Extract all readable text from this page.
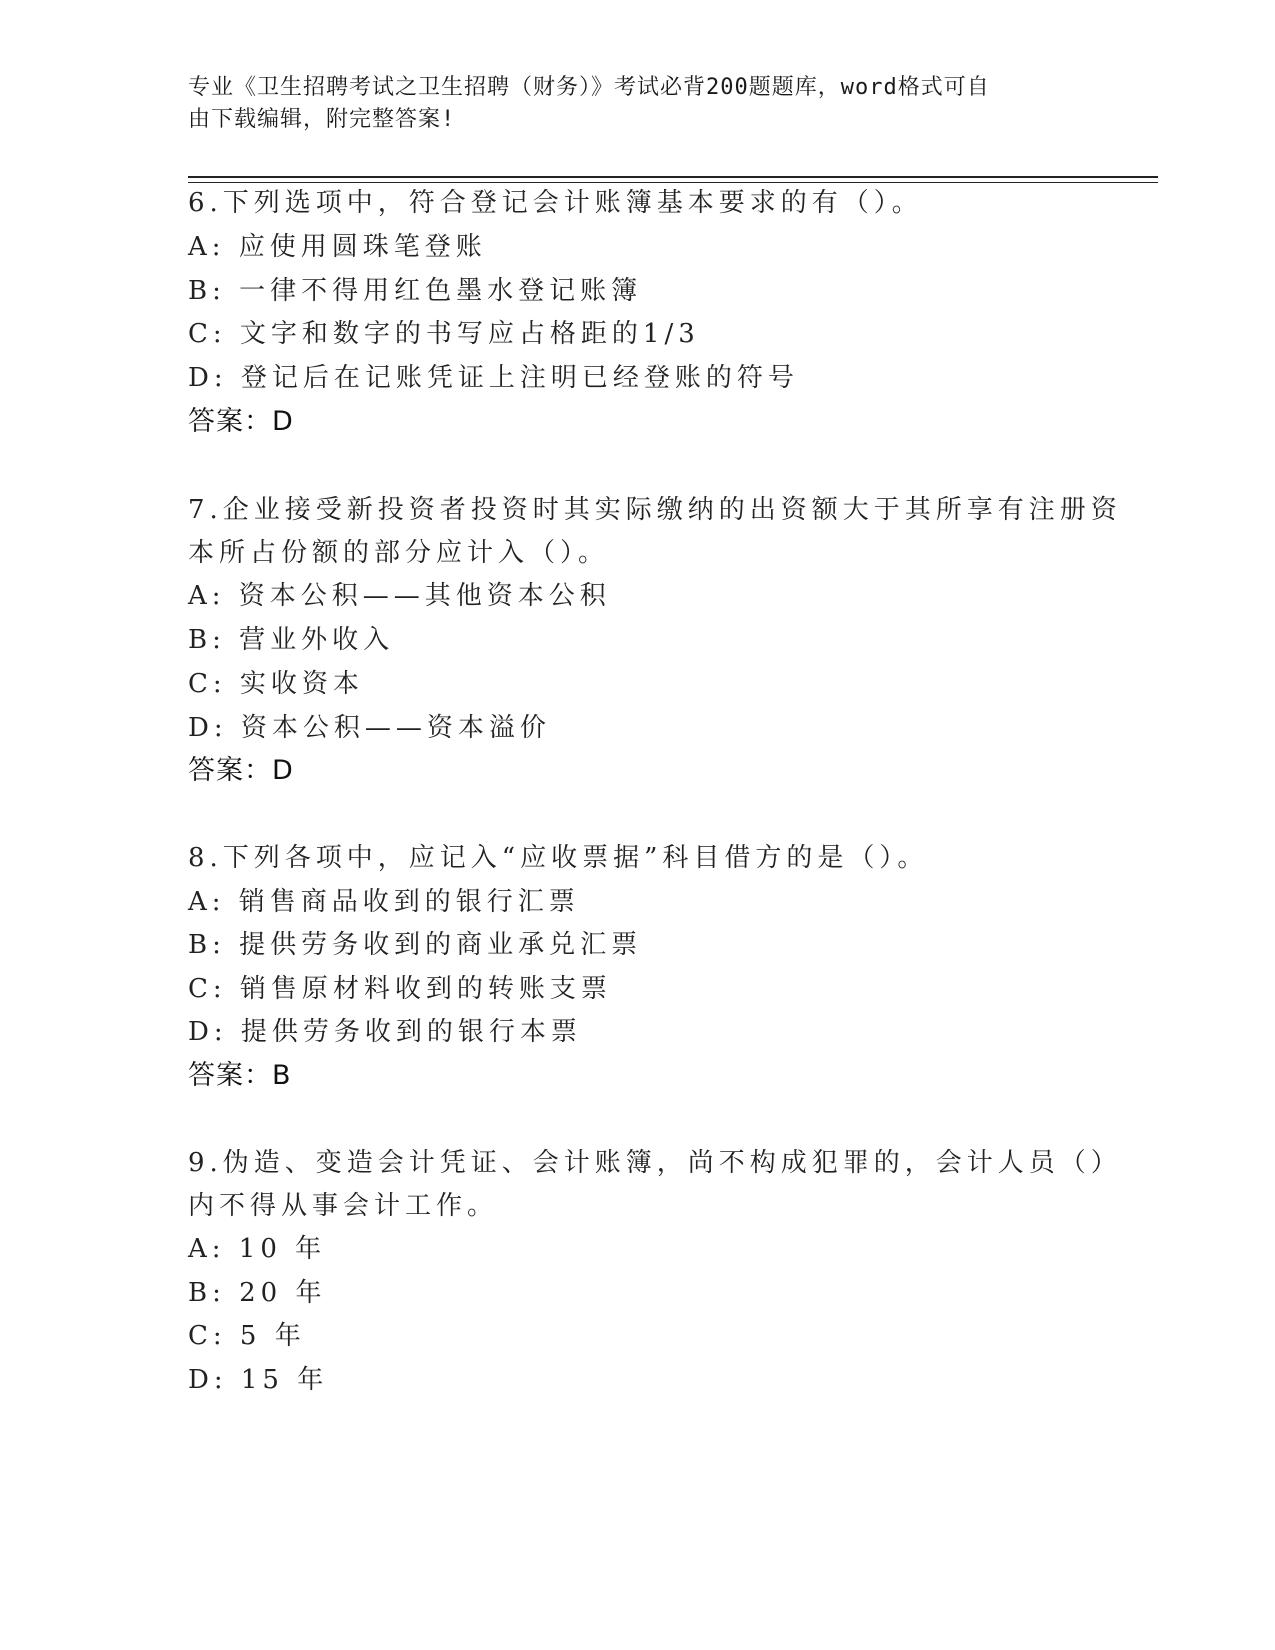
专业《卫生招聘考试之卫生招聘（财务）》考试必背200题题库，word格式可自
由下载编辑，附完整答案!
6.下列选项中，符合登记会计账簿基本要求的有（）。
A: 应使用圆珠笔登账
B: 一律不得用红色墨水登记账簿
C: 文字和数字的书写应占格距的1/3
D: 登记后在记账凭证上注明已经登账的符号
答案：D
7.企业接受新投资者投资时其实际缴纳的出资额大于其所享有注册资
本所占份额的部分应计入（）。
A: 资本公积——其他资本公积
B: 营业外收入
C: 实收资本
D: 资本公积——资本溢价
答案：D
8.下列各项中，应记入“应收票据”科目借方的是（）。
A: 销售商品收到的银行汇票
B: 提供劳务收到的商业承兑汇票
C: 销售原材料收到的转账支票
D: 提供劳务收到的银行本票
答案：B
9.伪造、变造会计凭证、会计账簿，尚不构成犯罪的，会计人员（）
内不得从事会计工作。
A: 10 年
B: 20 年
C: 5 年
D: 15 年
